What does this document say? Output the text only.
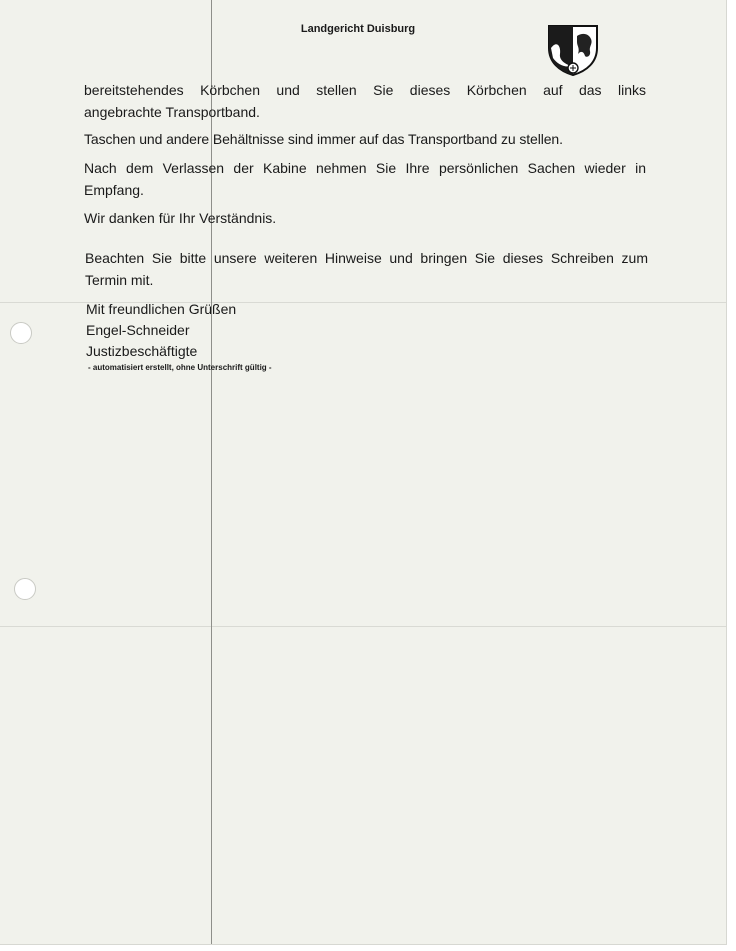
Landgericht Duisburg
bereitstehendes Körbchen und stellen Sie dieses Körbchen auf das links
angebrachte Transportband.
Taschen und andere Behältnisse sind immer auf das Transportband zu stellen.
Nach dem Verlassen der Kabine nehmen Sie Ihre persönlichen Sachen wieder in
Empfang.
Wir danken für Ihr Verständnis.
Beachten Sie bitte unsere weiteren Hinweise und bringen Sie dieses Schreiben zum
Termin mit.
Mit freundlichen Grüßen
Engel-Schneider
Justizbeschäftigte
- automatisiert erstellt, ohne Unterschrift gültig -
